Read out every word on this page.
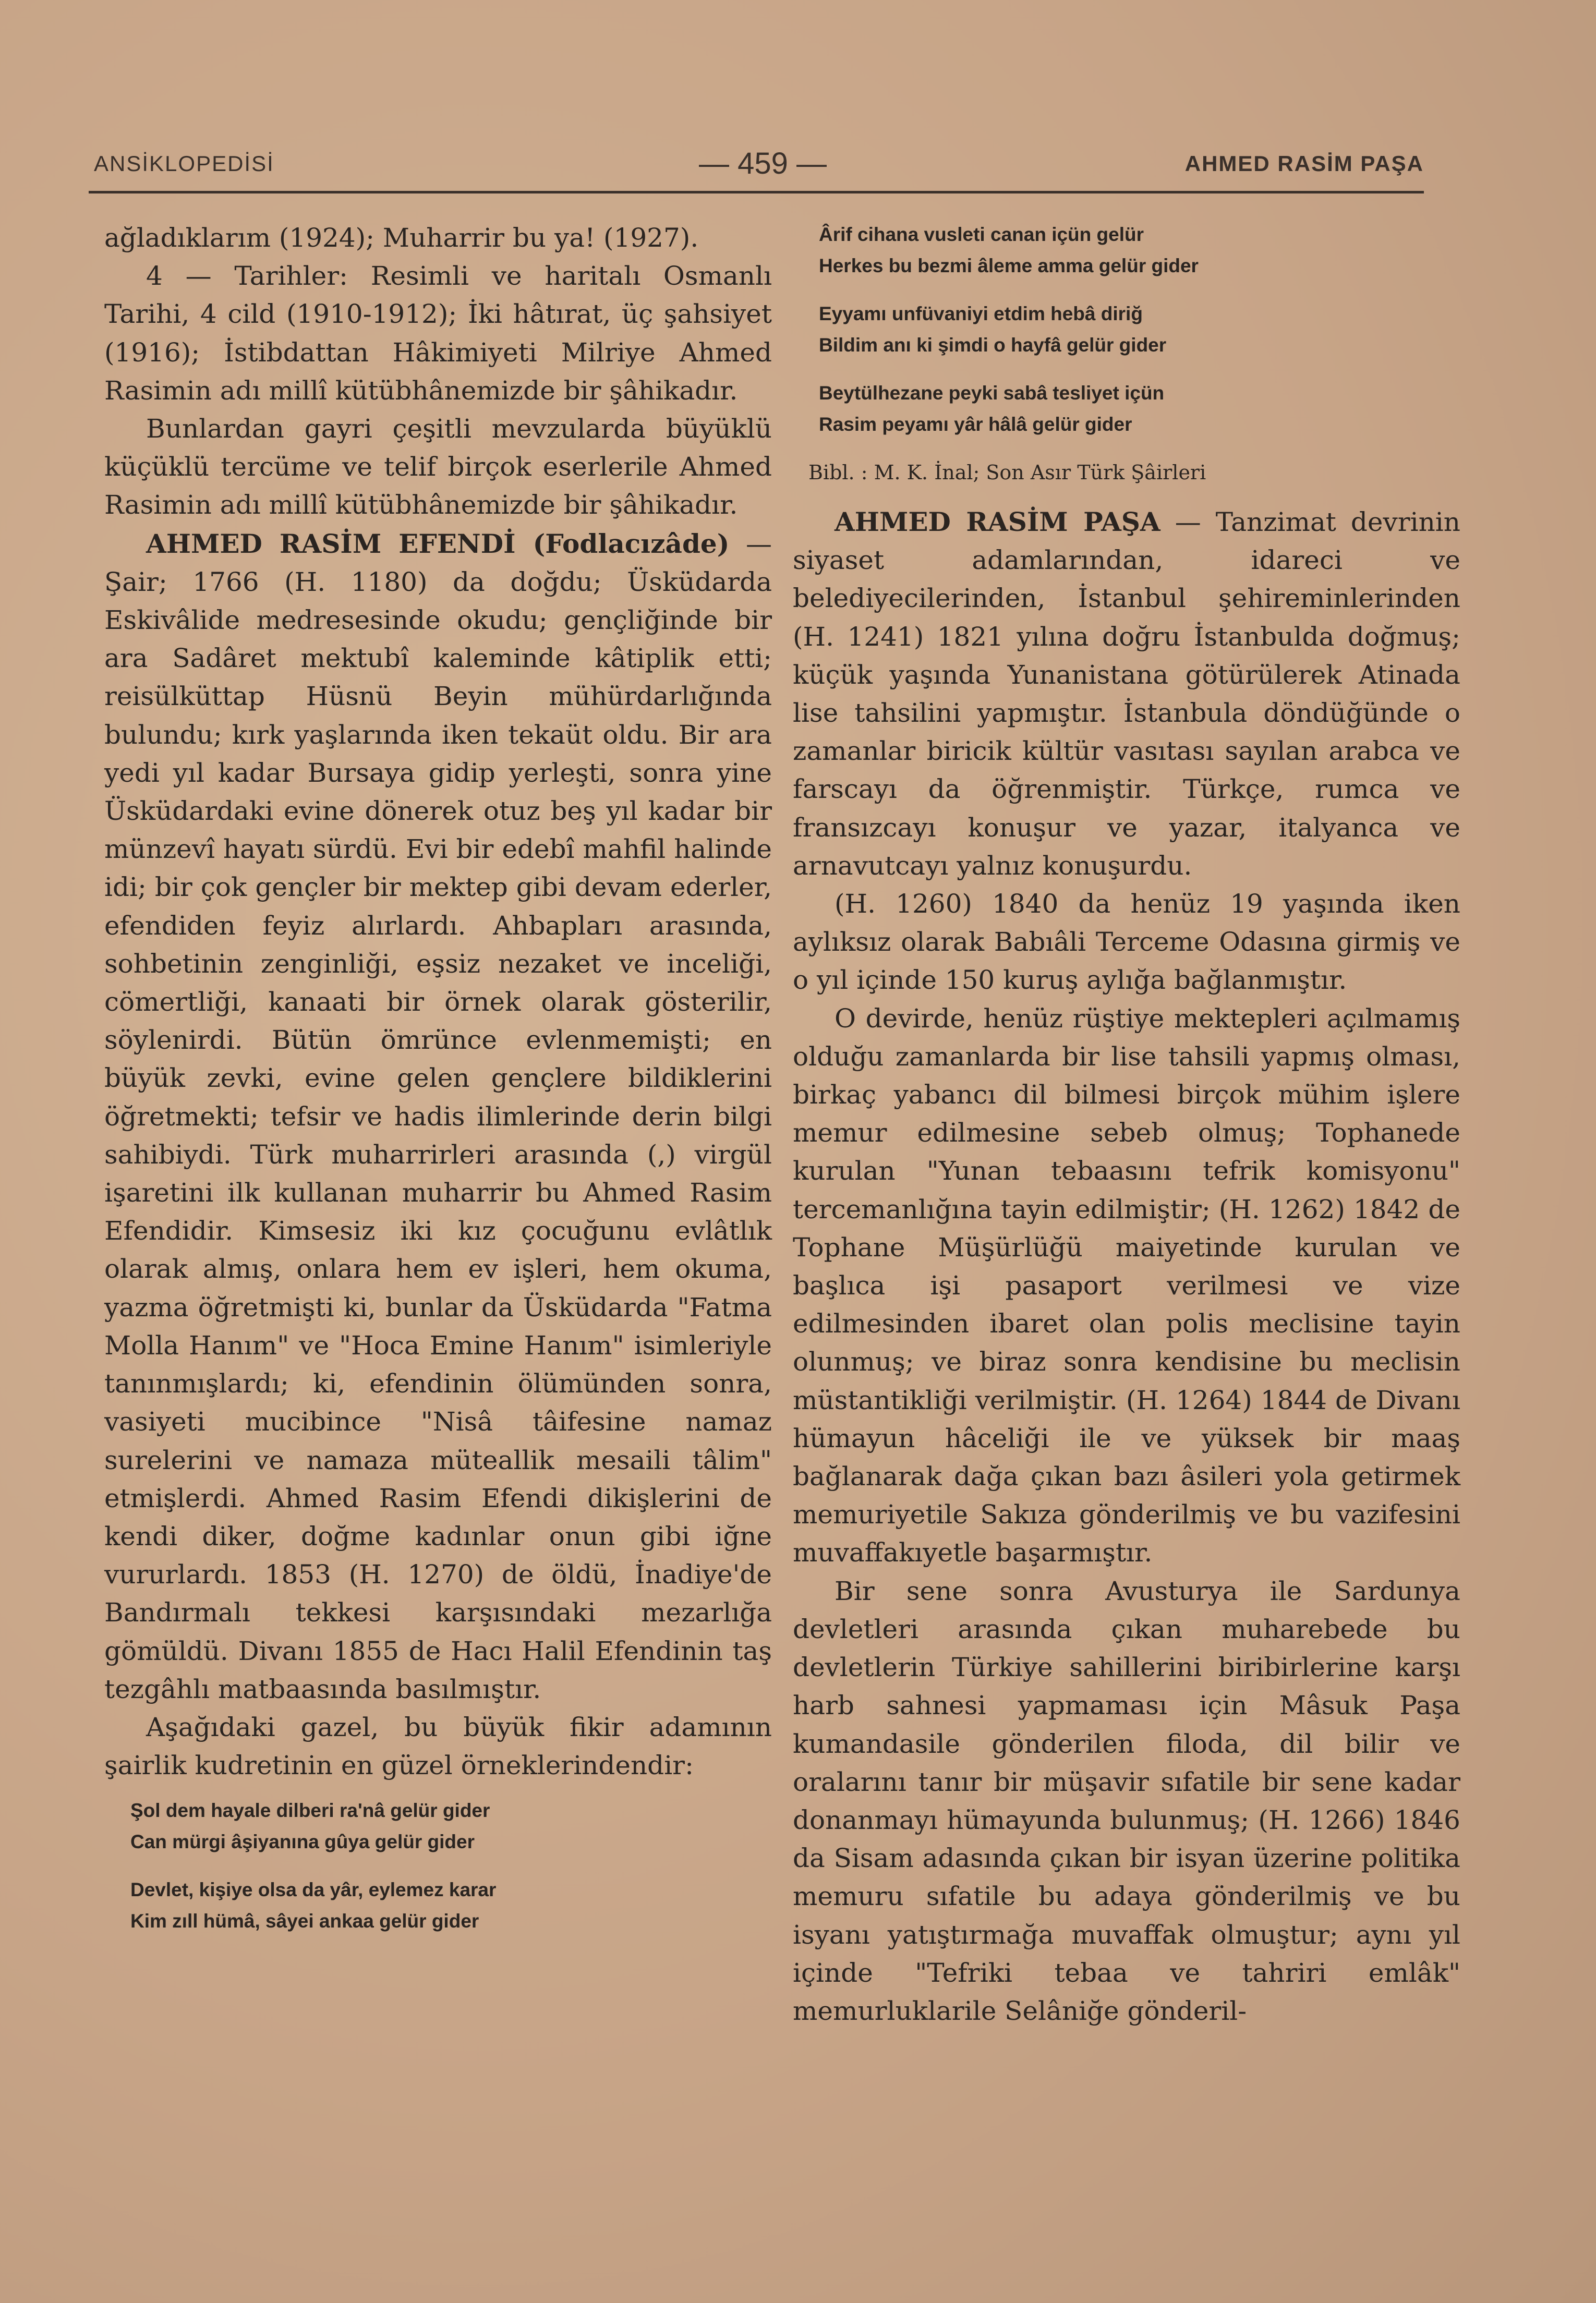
ANSİKLOPEDİSİ	— 459 —	AHMED RASİM PAŞA

ağladıklarım (1924); Muharrir bu ya! (1927).

4 — Tarihler: Resimli ve haritalı Osmanlı Tarihi, 4 cild (1910-1912); İki hâtırat, üç şahsiyet (1916); İstibdattan Hâkimiyeti Milriye Ahmed Rasimin adı millî kütübhânemizde bir şâhikadır.

Bunlardan gayri çeşitli mevzularda büyüklü küçüklü tercüme ve telif birçok eserlerile Ahmed Rasimin adı millî kütübhânemizde bir şâhikadır.

AHMED RASİM EFENDİ (Fodlacızâde) — Şair; 1766 (H. 1180) da doğdu; Üsküdarda Eskivâlide medresesinde okudu; gençliğinde bir ara Sadâret mektubî kaleminde kâtiplik etti; reisülküttap Hüsnü Beyin mühürdarlığında bulundu; kırk yaşlarında iken tekaüt oldu. Bir ara yedi yıl kadar Bursaya gidip yerleşti, sonra yine Üsküdardaki evine dönerek otuz beş yıl kadar bir münzevî hayatı sürdü. Evi bir edebî mahfil halinde idi; bir çok gençler bir mektep gibi devam ederler, efendiden feyiz alırlardı. Ahbapları arasında, sohbetinin zenginliği, eşsiz nezaket ve inceliği, cömertliği, kanaati bir örnek olarak gösterilir, söylenirdi. Bütün ömrünce evlenmemişti; en büyük zevki, evine gelen gençlere bildiklerini öğretmekti; tefsir ve hadis ilimlerinde derin bilgi sahibiydi. Türk muharrirleri arasında (,) virgül işaretini ilk kullanan muharrir bu Ahmed Rasim Efendidir. Kimsesiz iki kız çocuğunu evlâtlık olarak almış, onlara hem ev işleri, hem okuma, yazma öğretmişti ki, bunlar da Üsküdarda "Fatma Molla Hanım" ve "Hoca Emine Hanım" isimleriyle tanınmışlardı; ki, efendinin ölümünden sonra, vasiyeti mucibince "Nisâ tâifesine namaz surelerini ve namaza müteallik mesaili tâlim" etmişlerdi. Ahmed Rasim Efendi dikişlerini de kendi diker, doğme kadınlar onun gibi iğne vururlardı. 1853 (H. 1270) de öldü, İnadiye'de Bandırmalı tekkesi karşısındaki mezarlığa gömüldü. Divanı 1855 de Hacı Halil Efendinin taş tezgâhlı matbaasında basılmıştır.

Aşağıdaki gazel, bu büyük fikir adamının şairlik kudretinin en güzel örneklerindendir:

Şol dem hayale dilberi ra'nâ gelür gider

Can mürgi âşiyanına gûya gelür gider

Devlet, kişiye olsa da yâr, eylemez karar

Kim zıll hümâ, sâyei ankaa gelür gider

Ârif cihana vusleti canan içün gelür

Herkes bu bezmi âleme amma gelür gider

Eyyamı unfüvaniyi etdim hebâ diriğ

Bildim anı ki şimdi o hayfâ gelür gider

Beytülhezane peyki sabâ tesliyet içün

Rasim peyamı yâr hâlâ gelür gider

Bibl. : M. K. İnal; Son Asır Türk Şâirleri

AHMED RASİM PAŞA — Tanzimat devrinin siyaset adamlarından, idareci ve belediyecilerinden, İstanbul şehireminlerinden (H. 1241) 1821 yılına doğru İstanbulda doğmuş; küçük yaşında Yunanistana götürülerek Atinada lise tahsilini yapmıştır. İstanbula döndüğünde o zamanlar biricik kültür vasıtası sayılan arabca ve farscayı da öğrenmiştir. Türkçe, rumca ve fransızcayı konuşur ve yazar, italyanca ve arnavutcayı yalnız konuşurdu.

(H. 1260) 1840 da henüz 19 yaşında iken aylıksız olarak Babıâli Terceme Odasına girmiş ve o yıl içinde 150 kuruş aylığa bağlanmıştır.

O devirde, henüz rüştiye mektepleri açılmamış olduğu zamanlarda bir lise tahsili yapmış olması, birkaç yabancı dil bilmesi birçok mühim işlere memur edilmesine sebeb olmuş; Tophanede kurulan "Yunan tebaasını tefrik komisyonu" tercemanlığına tayin edilmiştir; (H. 1262) 1842 de Tophane Müşürlüğü maiyetinde kurulan ve başlıca işi pasaport verilmesi ve vize edilmesinden ibaret olan polis meclisine tayin olunmuş; ve biraz sonra kendisine bu meclisin müstantikliği verilmiştir. (H. 1264) 1844 de Divanı hümayun hâceliği ile ve yüksek bir maaş bağlanarak dağa çıkan bazı âsileri yola getirmek memuriyetile Sakıza gönderilmiş ve bu vazifesini muvaffakıyetle başarmıştır.

Bir sene sonra Avusturya ile Sardunya devletleri arasında çıkan muharebede bu devletlerin Türkiye sahillerini biribirlerine karşı harb sahnesi yapmaması için Mâsuk Paşa kumandasile gönderilen filoda, dil bilir ve oralarını tanır bir müşavir sıfatile bir sene kadar donanmayı hümayunda bulunmuş; (H. 1266) 1846 da Sisam adasında çıkan bir isyan üzerine politika memuru sıfatile bu adaya gönderilmiş ve bu isyanı yatıştırmağa muvaffak olmuştur; aynı yıl içinde "Tefriki tebaa ve tahriri emlâk" memurluklarile Selâniğe gönderil-
